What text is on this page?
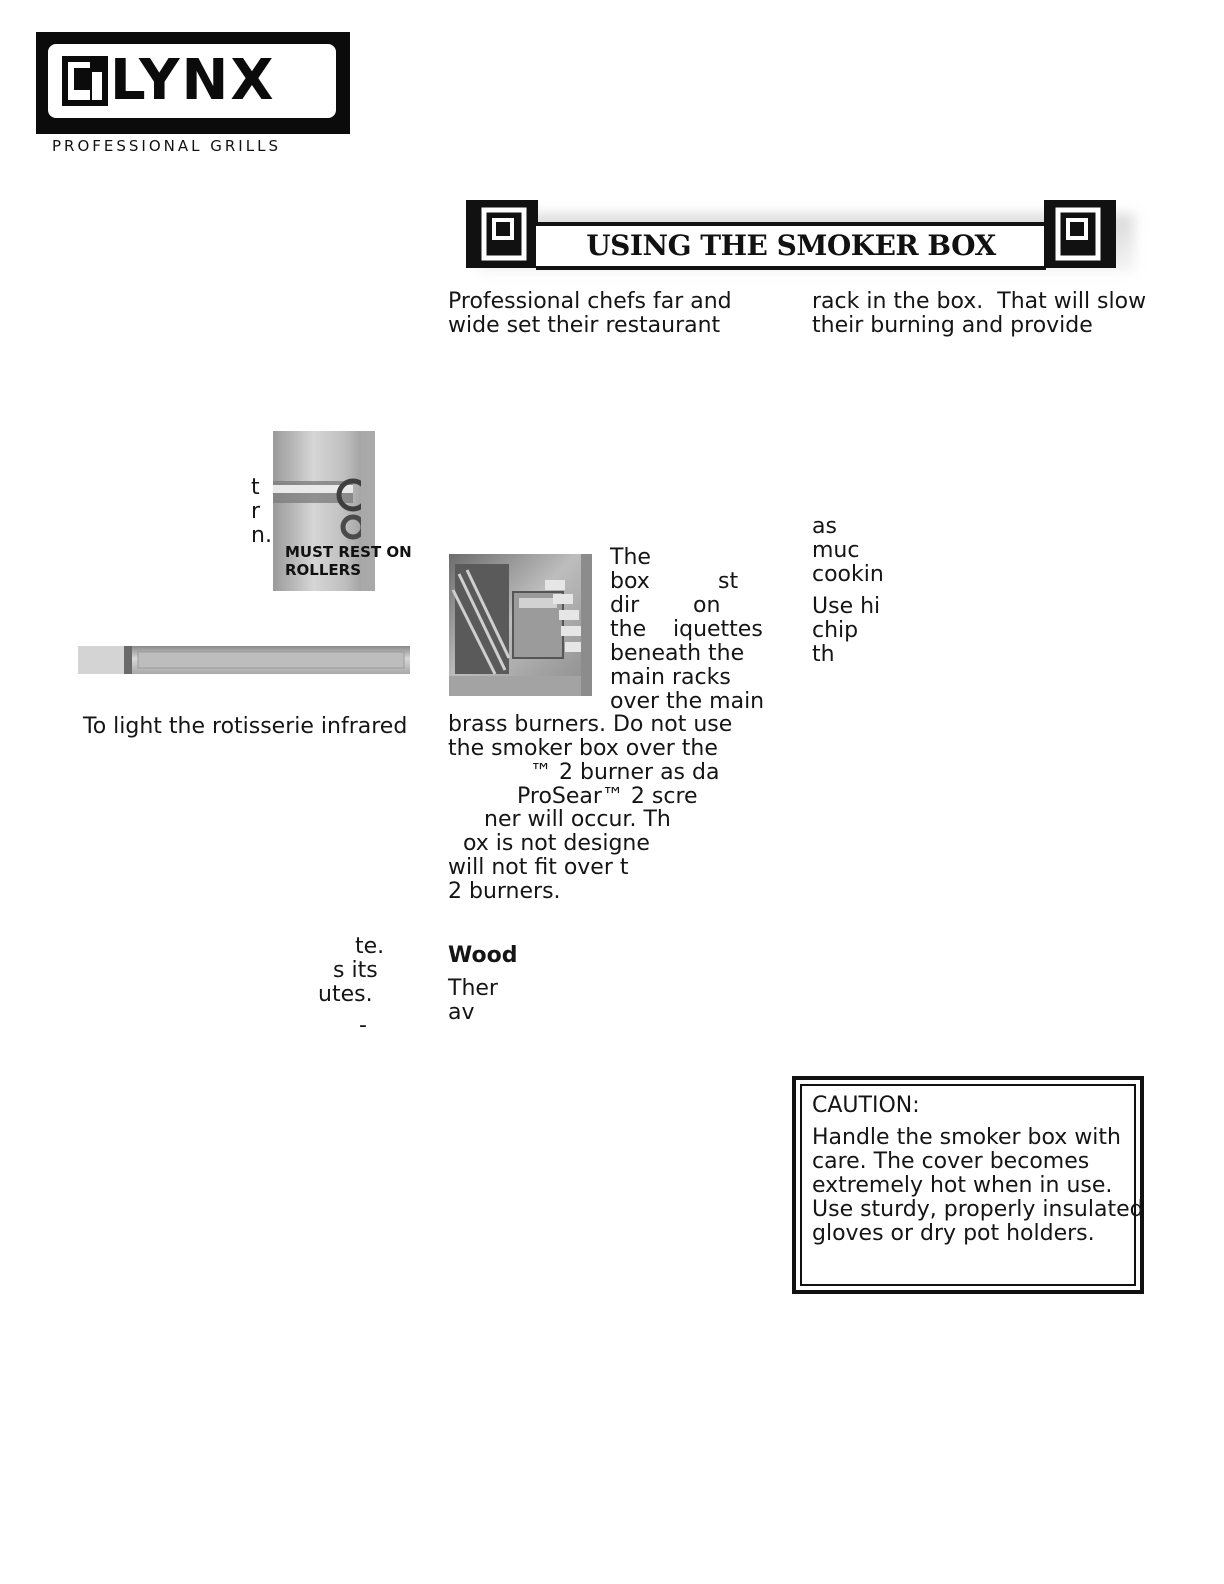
LYNX
PROFESSIONAL GRILLS
USING THE SMOKER BOX
Professional chefs far and
wide set their restaurant
rack in the box.  That will slow
their burning and provide
t
r
n.
MUST REST ON
ROLLERS
To light the rotisserie infrared
The
box	st
dir on
the iquettes
beneath the
main racks
over the main
brass burners. Do not use
the smoker box over the
™ 2 burner as da
ProSear™ 2 scre
ner will occur. Th
ox is not designe
will not fit over t
2 burners.
as
muc
cookin
Use hi
chip
th
te.
s its
utes.
-
Wood
Ther
av
CAUTION:
Handle the smoker box with
care. The cover becomes
extremely hot when in use.
Use sturdy, properly insulated
gloves or dry pot holders.
